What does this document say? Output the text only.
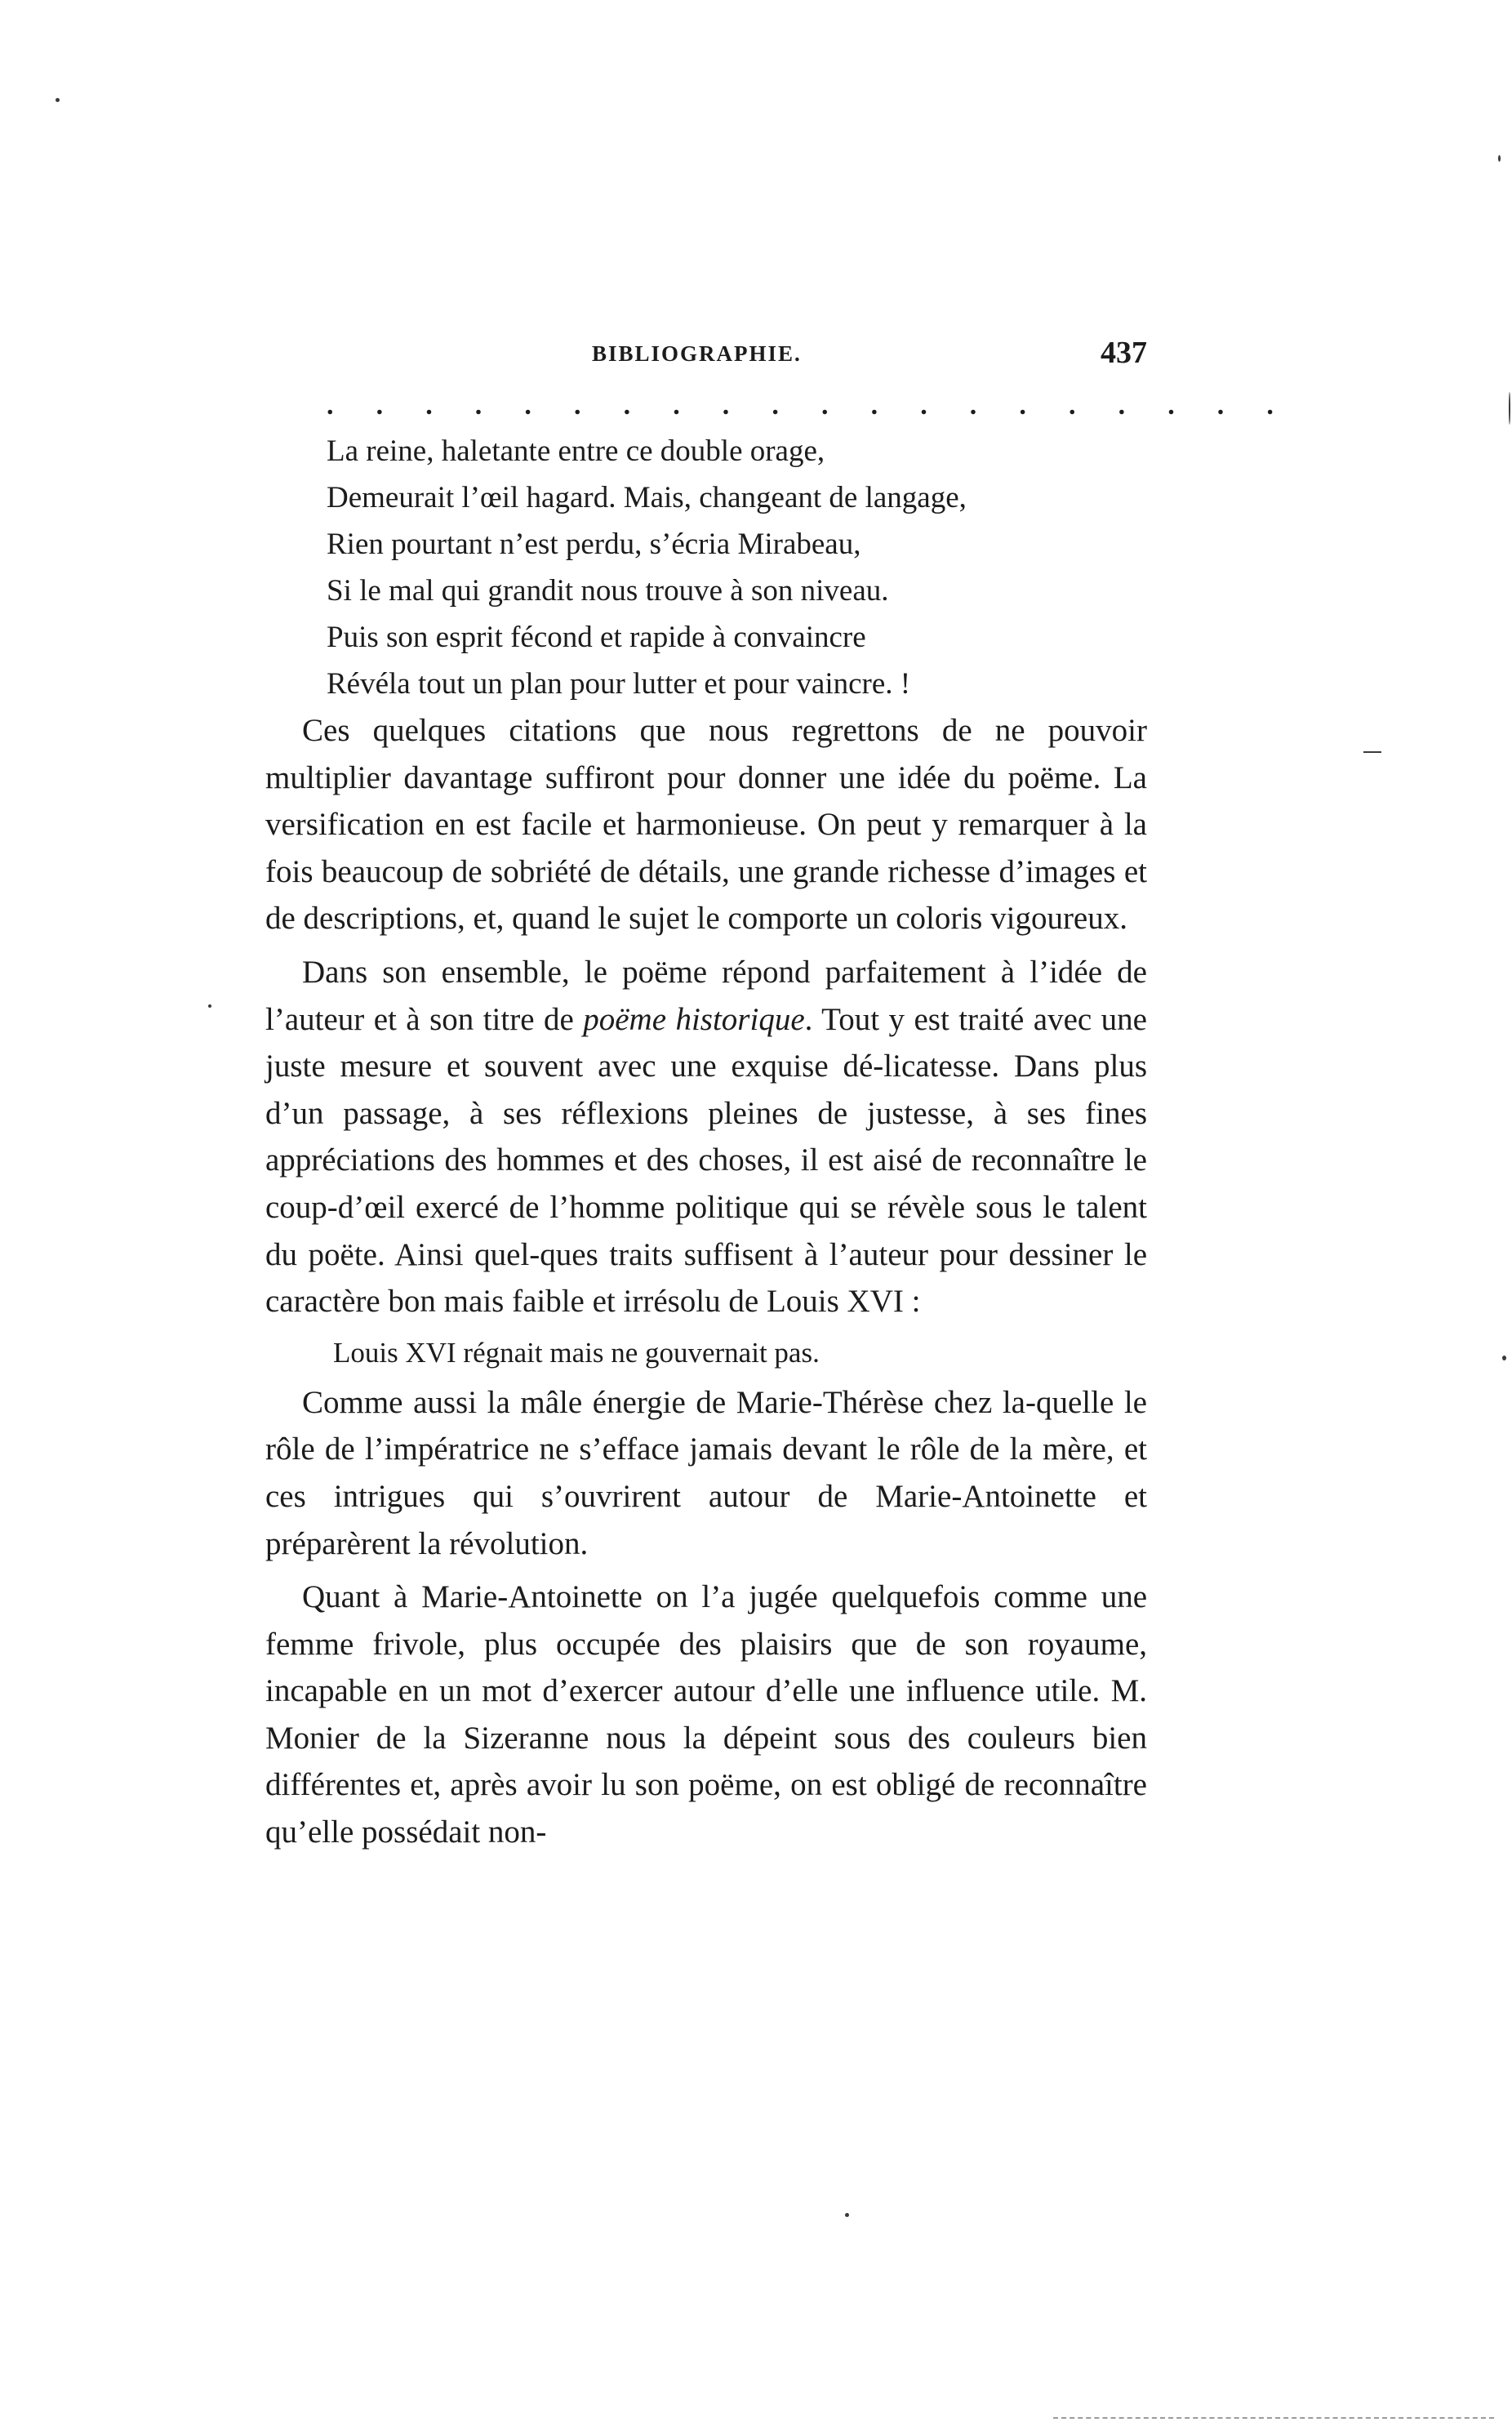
BIBLIOGRAPHIE.	437
. . . . . . . . . . . . . . . . . . . .
La reine, haletante entre ce double orage,
Demeurait l’œil hagard. Mais, changeant de langage,
Rien pourtant n’est perdu, s’écria Mirabeau,
Si le mal qui grandit nous trouve à son niveau.
Puis son esprit fécond et rapide à convaincre
Révéla tout un plan pour lutter et pour vaincre. !

Ces quelques citations que nous regrettons de ne pouvoir multiplier davantage suffiront pour donner une idée du poëme. La versification en est facile et harmonieuse. On peut y remarquer à la fois beaucoup de sobriété de détails, une grande richesse d’images et de descriptions, et, quand le sujet le comporte un coloris vigoureux.

Dans son ensemble, le poëme répond parfaitement à l’idée de l’auteur et à son titre de poëme historique. Tout y est traité avec une juste mesure et souvent avec une exquise dé-licatesse. Dans plus d’un passage, à ses réflexions pleines de justesse, à ses fines appréciations des hommes et des choses, il est aisé de reconnaître le coup-d’œil exercé de l’homme politique qui se révèle sous le talent du poëte. Ainsi quel-ques traits suffisent à l’auteur pour dessiner le caractère bon mais faible et irrésolu de Louis XVI :

Louis XVI régnait mais ne gouvernait pas.

Comme aussi la mâle énergie de Marie-Thérèse chez la-quelle le rôle de l’impératrice ne s’efface jamais devant le rôle de la mère, et ces intrigues qui s’ouvrirent autour de Marie-Antoinette et préparèrent la révolution.

Quant à Marie-Antoinette on l’a jugée quelquefois comme une femme frivole, plus occupée des plaisirs que de son royaume, incapable en un mot d’exercer autour d’elle une influence utile. M. Monier de la Sizeranne nous la dépeint sous des couleurs bien différentes et, après avoir lu son poëme, on est obligé de reconnaître qu’elle possédait non-
